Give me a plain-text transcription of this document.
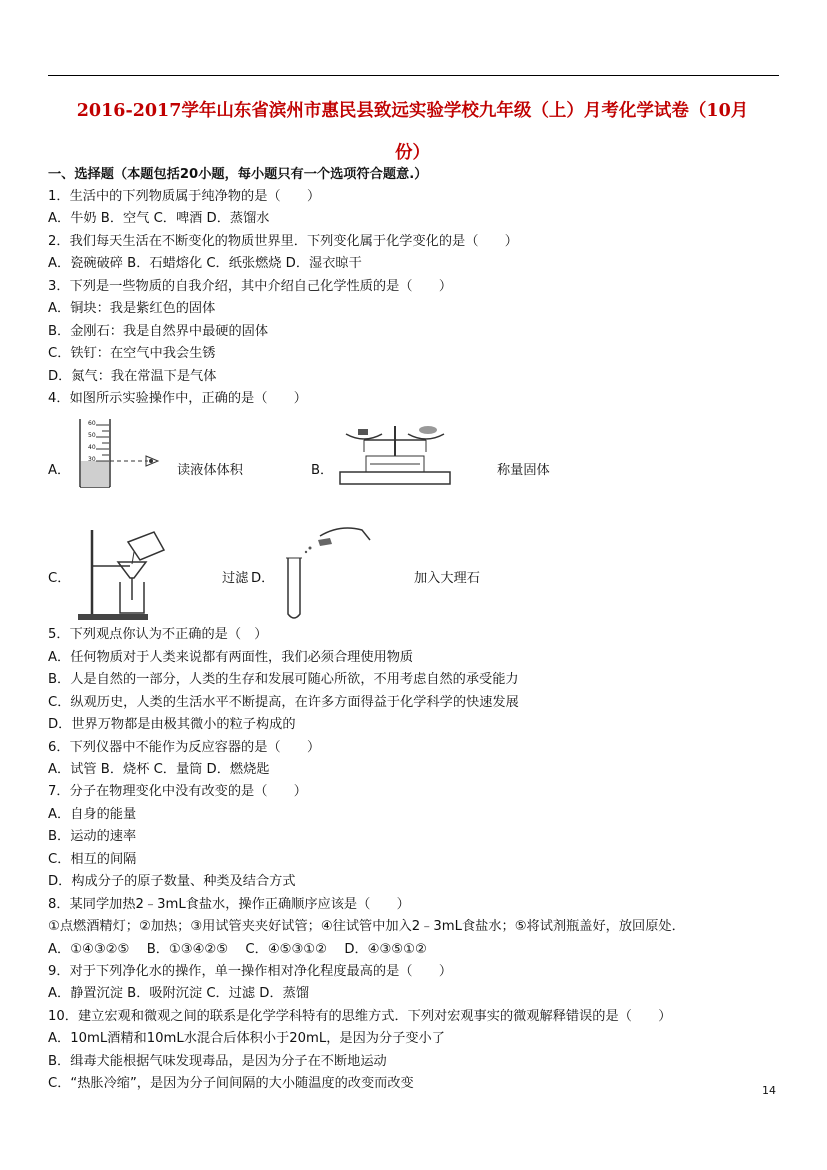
2016-2017学年山东省滨州市惠民县致远实验学校九年级（上）月考化学试卷（10月
份）
一、选择题（本题包括20小题，每小题只有一个选项符合题意.）
1．生活中的下列物质属于纯净物的是（　　）
A．牛奶 B．空气 C．啤酒 D．蒸馏水
2．我们每天生活在不断变化的物质世界里．下列变化属于化学变化的是（　　）
A．瓷碗破碎 B．石蜡熔化 C．纸张燃烧 D．湿衣晾干
3．下列是一些物质的自我介绍，其中介绍自己化学性质的是（　　）
A．铜块：我是紫红色的固体
B．金刚石：我是自然界中最硬的固体
C．铁钉：在空气中我会生锈
D．氮气：我在常温下是气体
4．如图所示实验操作中，正确的是（　　）
A．
60
50
40
30
读液体体积	B．	称量固体
C．	过滤 D．	加入大理石
5．下列观点你认为不正确的是（　）
A．任何物质对于人类来说都有两面性，我们必须合理使用物质
B．人是自然的一部分，人类的生存和发展可随心所欲，不用考虑自然的承受能力
C．纵观历史，人类的生活水平不断提高，在许多方面得益于化学科学的快速发展
D．世界万物都是由极其微小的粒子构成的
6．下列仪器中不能作为反应容器的是（　　）
A．试管 B．烧杯 C．量筒 D．燃烧匙
7．分子在物理变化中没有改变的是（　　）
A．自身的能量
B．运动的速率
C．相互的间隔
D．构成分子的原子数量、种类及结合方式
8．某同学加热2﹣3mL食盐水，操作正确顺序应该是（　　）
①点燃酒精灯；②加热；③用试管夹夹好试管；④往试管中加入2﹣3mL食盐水；⑤将试剂瓶盖好，放回原处．
A．①④③②⑤　 B．①③④②⑤　 C．④⑤③①②　 D．④③⑤①②
9．对于下列净化水的操作，单一操作相对净化程度最高的是（　　）
A．静置沉淀 B．吸附沉淀 C．过滤 D．蒸馏
10．建立宏观和微观之间的联系是化学学科特有的思维方式．下列对宏观事实的微观解释错误的是（　　）
A．10mL酒精和10mL水混合后体积小于20mL，是因为分子变小了
B．缉毒犬能根据气味发现毒品，是因为分子在不断地运动
C．“热胀冷缩”，是因为分子间间隔的大小随温度的改变而改变	14
